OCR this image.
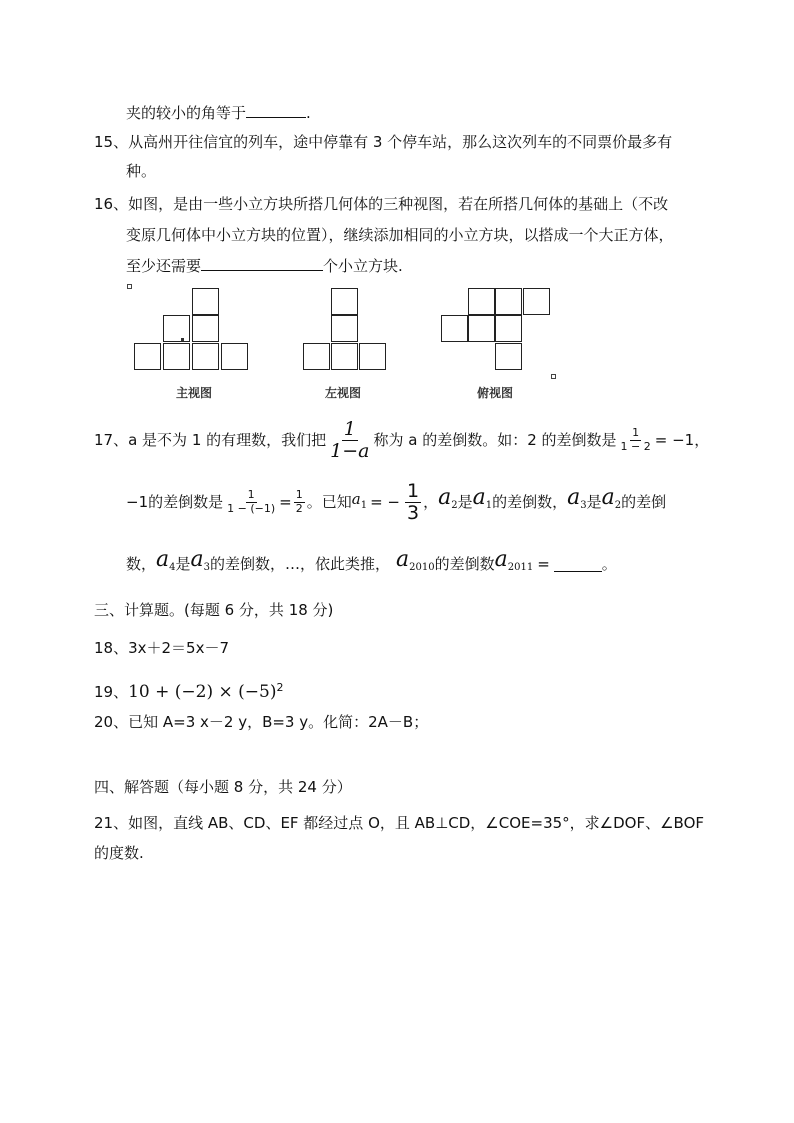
夹的较小的角等于	.
15、从高州开往信宜的列车，途中停靠有 3 个停车站，那么这次列车的不同票价最多有
种。
16、如图，是由一些小立方块所搭几何体的三种视图，若在所搭几何体的基础上（不改
变原几何体中小立方块的位置），继续添加相同的小立方块，以搭成一个大正方体，
至少还需要	个小立方块.
主视图	左视图	俯视图
17、 a 是不为 1 的有理数，我们把 $\frac{1}{1-a}$ 称为 a 的差倒数。如：2 的差倒数是 $\frac{1}{1 - 2} = -1$，
−1的差倒数是 $\frac{1}{1 - (-1)} = \frac{1}{2}$ 。已知 $a_1$ = − $\frac{1}{3}$ ， $a_2$ 是 $a_1$ 的差倒数， $a_3$ 是 $a_2$ 的差倒
数， $a_4$ 是 $a_3$ 的差倒数，…，依此类推， $a_{2010}$ 的差倒数 $a_{2011}$ =	。
三、计算题。(每题 6 分，共 18 分)
18、3x＋2＝5x－7
19、$10 + (-2) \times (-5)^2$
20、已知 A=3 x－2 y，B=3 y。化简：2A－B；
四、解答题（每小题 8 分，共 24 分）
21、如图，直线 AB、CD、EF 都经过点 O，且 AB⊥CD，∠COE=35°，求∠DOF、∠BOF
的度数.
